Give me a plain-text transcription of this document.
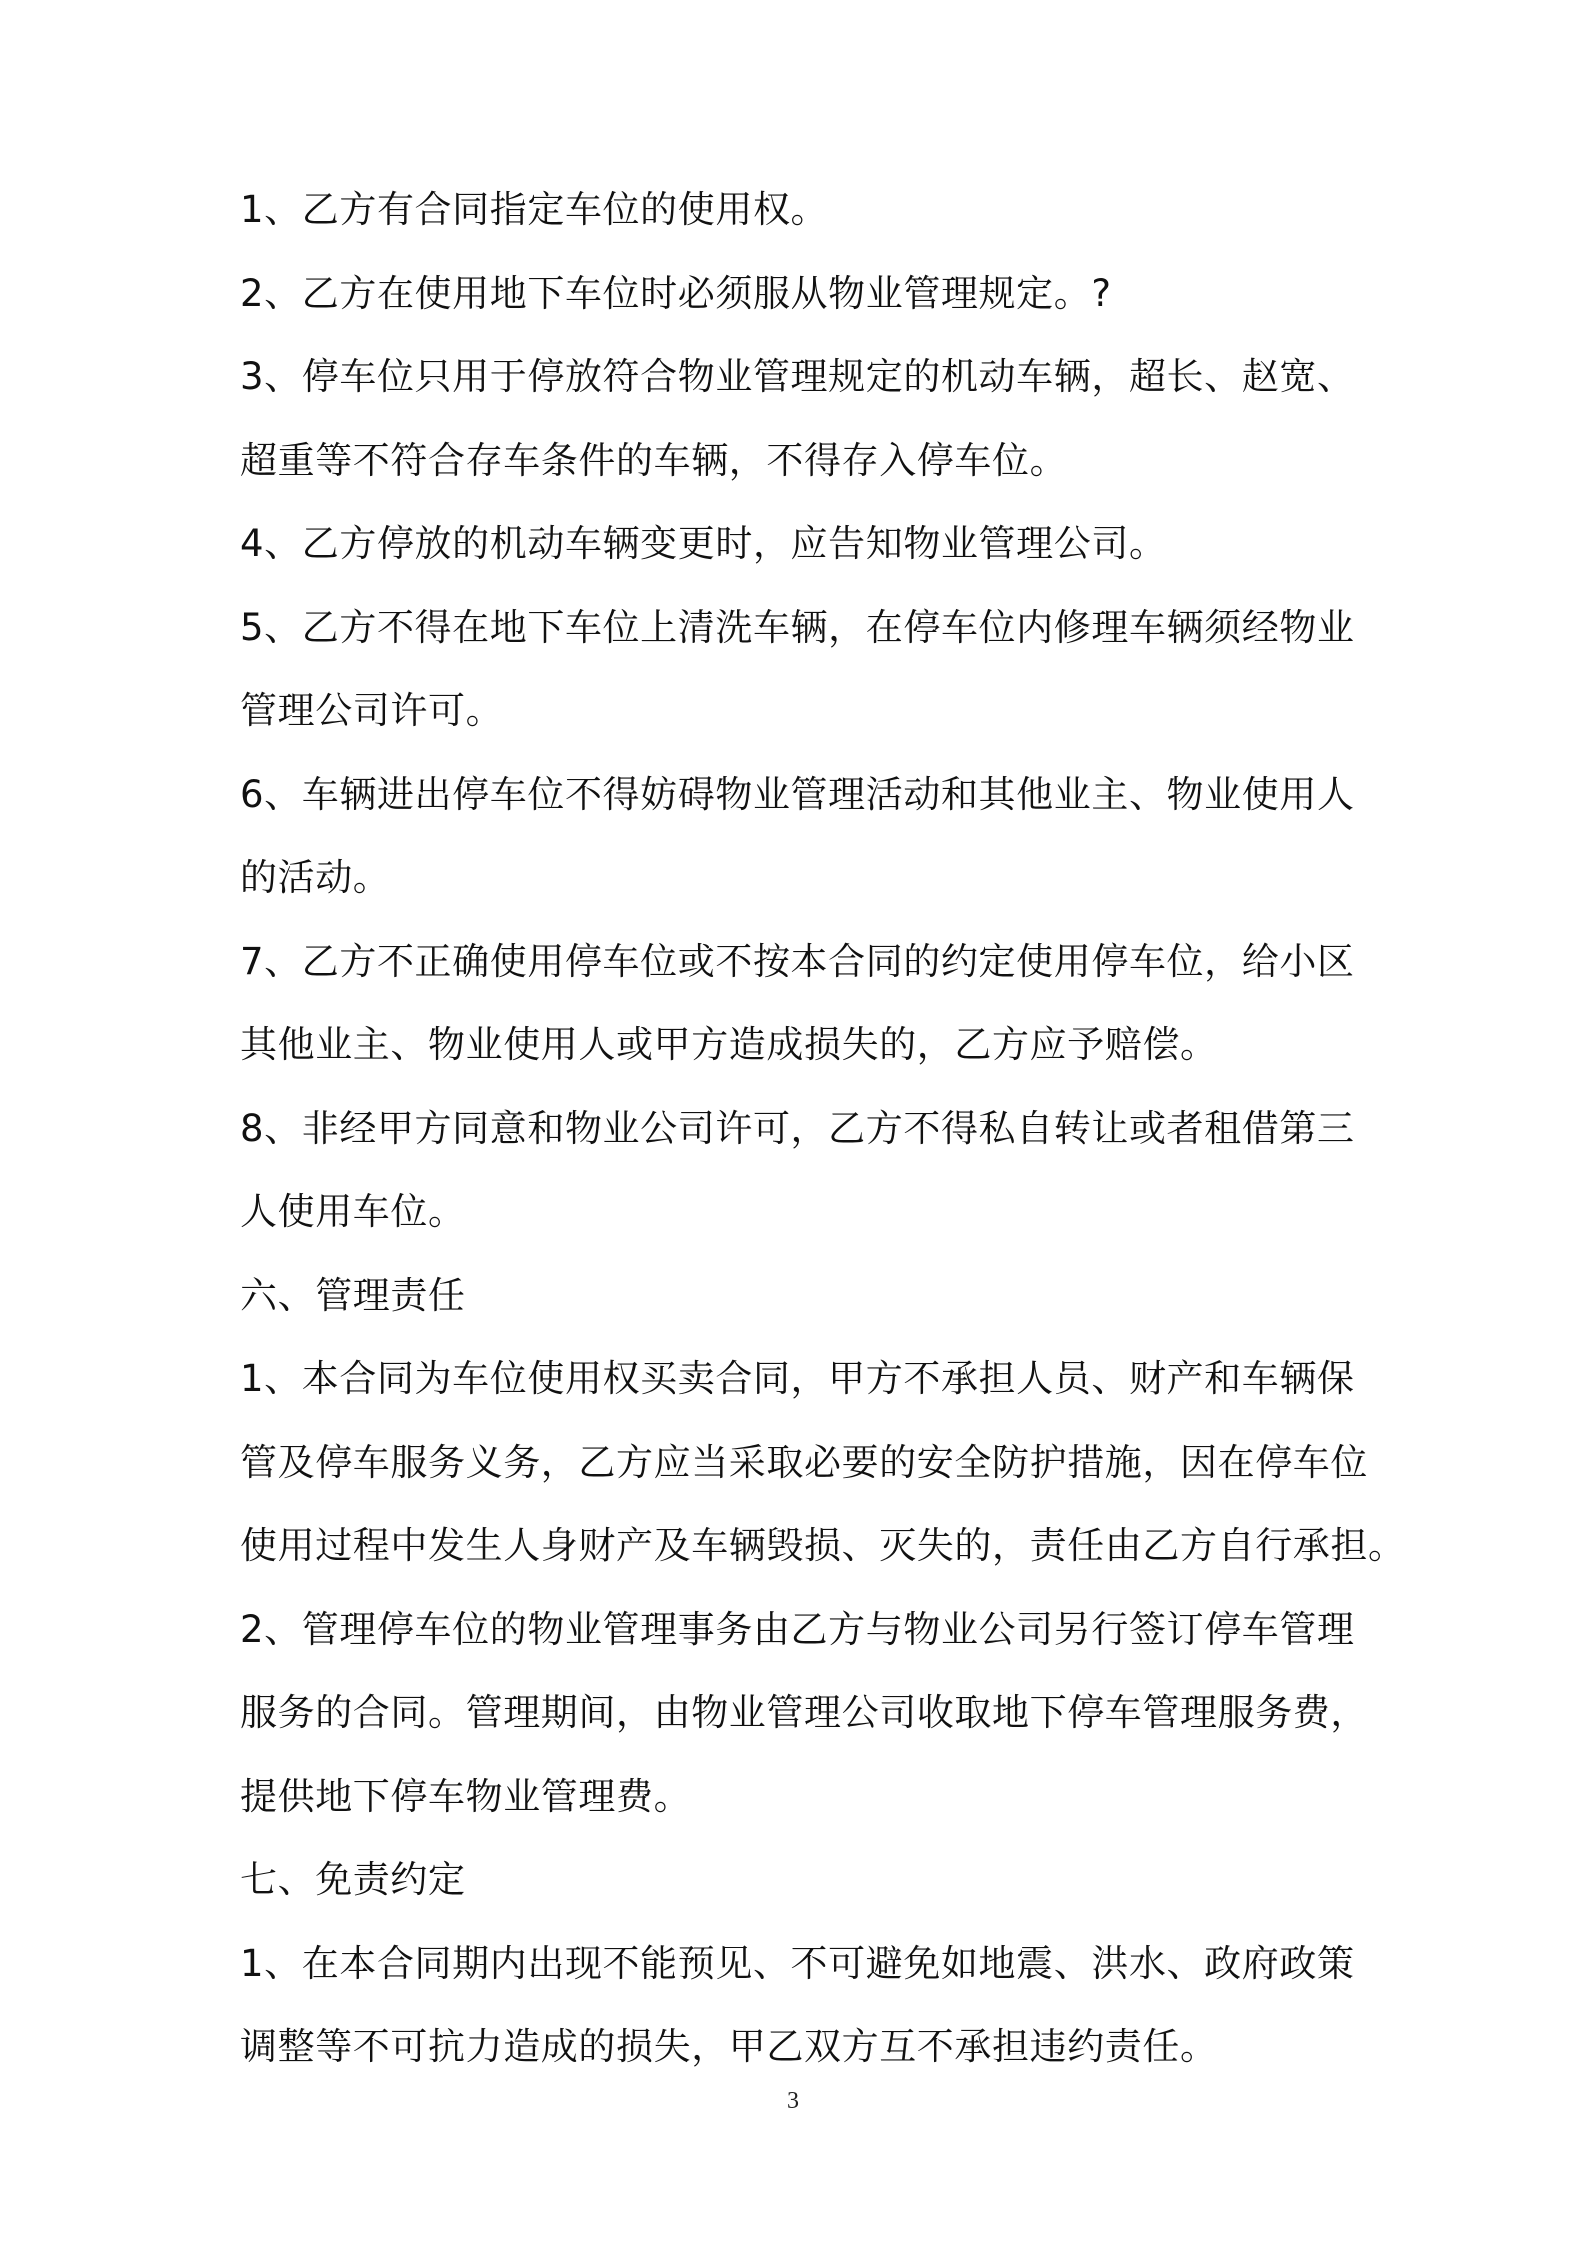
1、乙方有合同指定车位的使用权。
2、乙方在使用地下车位时必须服从物业管理规定。?
3、停车位只用于停放符合物业管理规定的机动车辆，超长、赵宽、
超重等不符合存车条件的车辆，不得存入停车位。
4、乙方停放的机动车辆变更时，应告知物业管理公司。
5、乙方不得在地下车位上清洗车辆，在停车位内修理车辆须经物业
管理公司许可。
6、车辆进出停车位不得妨碍物业管理活动和其他业主、物业使用人
的活动。
7、乙方不正确使用停车位或不按本合同的约定使用停车位，给小区
其他业主、物业使用人或甲方造成损失的，乙方应予赔偿。
8、非经甲方同意和物业公司许可，乙方不得私自转让或者租借第三
人使用车位。
六、管理责任
1、本合同为车位使用权买卖合同，甲方不承担人员、财产和车辆保
管及停车服务义务，乙方应当采取必要的安全防护措施，因在停车位
使用过程中发生人身财产及车辆毁损、灭失的，责任由乙方自行承担。
2、管理停车位的物业管理事务由乙方与物业公司另行签订停车管理
服务的合同。管理期间，由物业管理公司收取地下停车管理服务费，
提供地下停车物业管理费。
七、免责约定
1、在本合同期内出现不能预见、不可避免如地震、洪水、政府政策
调整等不可抗力造成的损失，甲乙双方互不承担违约责任。
3
